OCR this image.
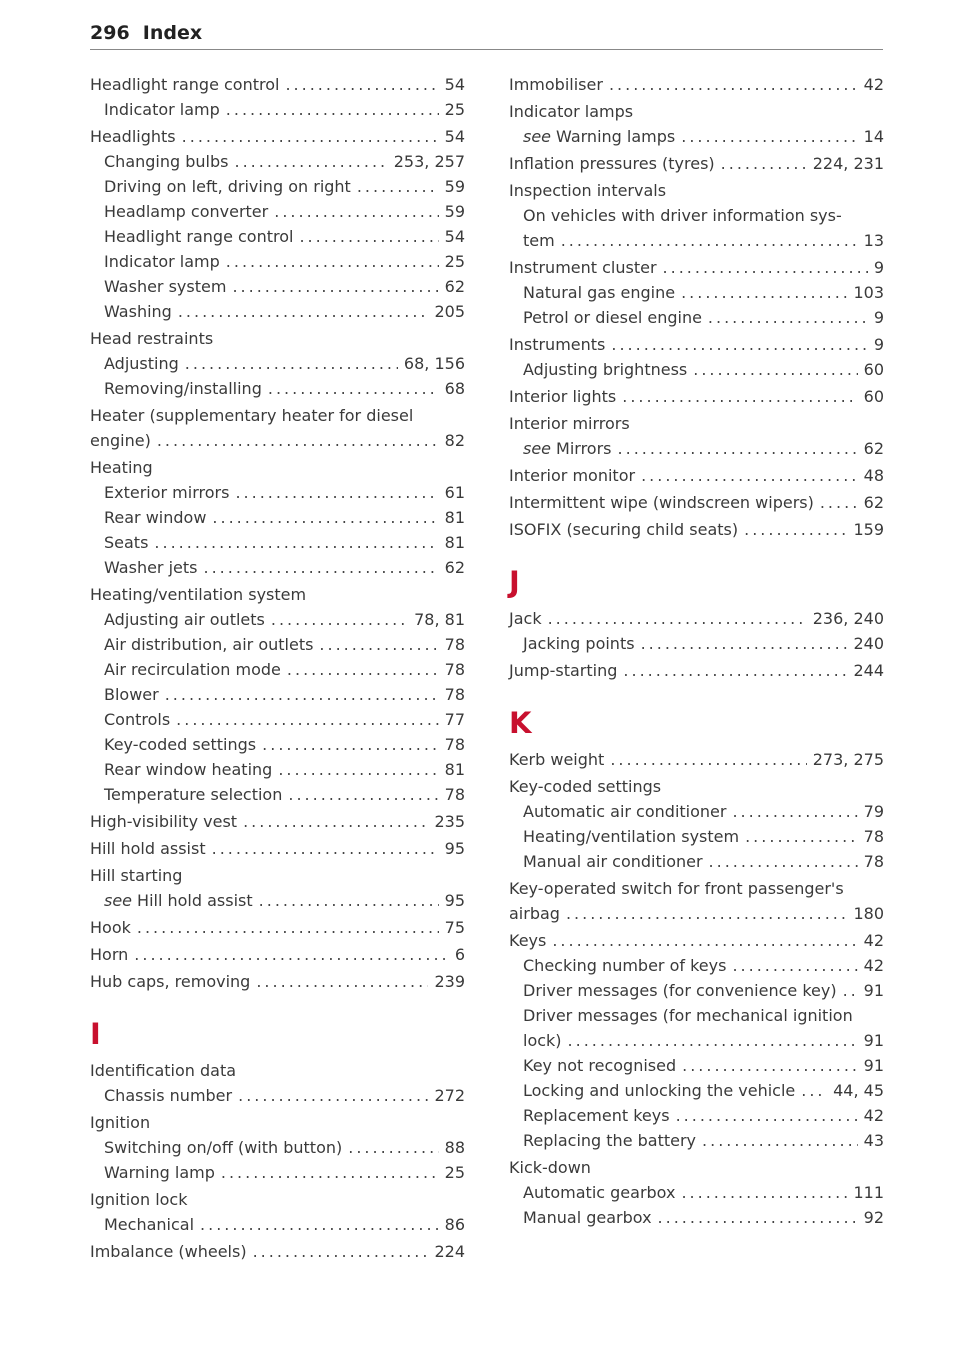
296 Index
Headlight range control .....	54
Indicator lamp .....	25
Headlights .....	54
Changing bulbs .....	253, 257
Driving on left, driving on right .....	59
Headlamp converter .....	59
Headlight range control .....	54
Indicator lamp .....	25
Washer system .....	62
Washing .....	205
Head restraints
Adjusting .....	68, 156
Removing/installing .....	68
Heater (supplementary heater for diesel
engine) .....	82
Heating
Exterior mirrors .....	61
Rear window .....	81
Seats .....	81
Washer jets .....	62
Heating/ventilation system
Adjusting air outlets .....	78, 81
Air distribution, air outlets .....	78
Air recirculation mode .....	78
Blower .....	78
Controls .....	77
Key-coded settings .....	78
Rear window heating .....	81
Temperature selection .....	78
High-visibility vest .....	235
Hill hold assist .....	95
Hill starting
see Hill hold assist .....	95
Hook .....	75
Horn .....	6
Hub caps, removing .....	239
I
Identification data
Chassis number .....	272
Ignition
Switching on/off (with button) .....	88
Warning lamp .....	25
Ignition lock
Mechanical .....	86
Imbalance (wheels) .....	224
Immobiliser .....	42
Indicator lamps
see Warning lamps .....	14
Inflation pressures (tyres) .....	224, 231
Inspection intervals
On vehicles with driver information sys-
tem .....	13
Instrument cluster .....	9
Natural gas engine .....	103
Petrol or diesel engine .....	9
Instruments .....	9
Adjusting brightness .....	60
Interior lights .....	60
Interior mirrors
see Mirrors .....	62
Interior monitor .....	48
Intermittent wipe (windscreen wipers) .....	62
ISOFIX (securing child seats) .....	159
J
Jack .....	236, 240
Jacking points .....	240
Jump-starting .....	244
K
Kerb weight .....	273, 275
Key-coded settings
Automatic air conditioner .....	79
Heating/ventilation system .....	78
Manual air conditioner .....	78
Key-operated switch for front passenger's
airbag .....	180
Keys .....	42
Checking number of keys .....	42
Driver messages (for convenience key) ..... 91
Driver messages (for mechanical ignition
lock) .....	91
Key not recognised .....	91
Locking and unlocking the vehicle ..... 44, 45
Replacement keys .....	42
Replacing the battery .....	43
Kick-down
Automatic gearbox .....	111
Manual gearbox .....	92
